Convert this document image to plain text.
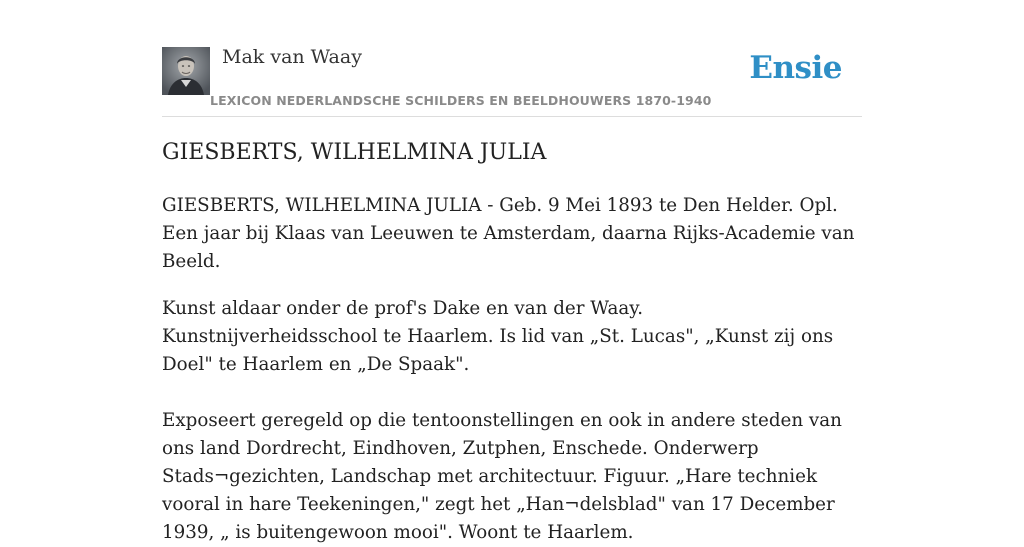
Mak van Waay
LEXICON NEDERLANDSCHE SCHILDERS EN BEELDHOUWERS 1870-1940
Ensie
GIESBERTS, WILHELMINA JULIA

GIESBERTS, WILHELMINA JULIA - Geb. 9 Mei 1893 te Den Helder. Opl. Een jaar bij Klaas van Leeuwen te Amsterdam, daarna Rijks-Academie van Beeld.

Kunst aldaar onder de prof's Dake en van der Waay. Kunstnijverheidsschool te Haarlem. Is lid van „St. Lucas", „Kunst zij ons Doel" te Haarlem en „De Spaak".

Exposeert geregeld op die tentoonstellingen en ook in andere steden van ons land Dordrecht, Eindhoven, Zutphen, Enschede. Onderwerp Stads¬gezichten, Landschap met architectuur. Figuur. „Hare techniek vooral in hare Teekeningen," zegt het „Han¬delsblad" van 17 December 1939, „ is buitengewoon mooi". Woont te Haarlem.
